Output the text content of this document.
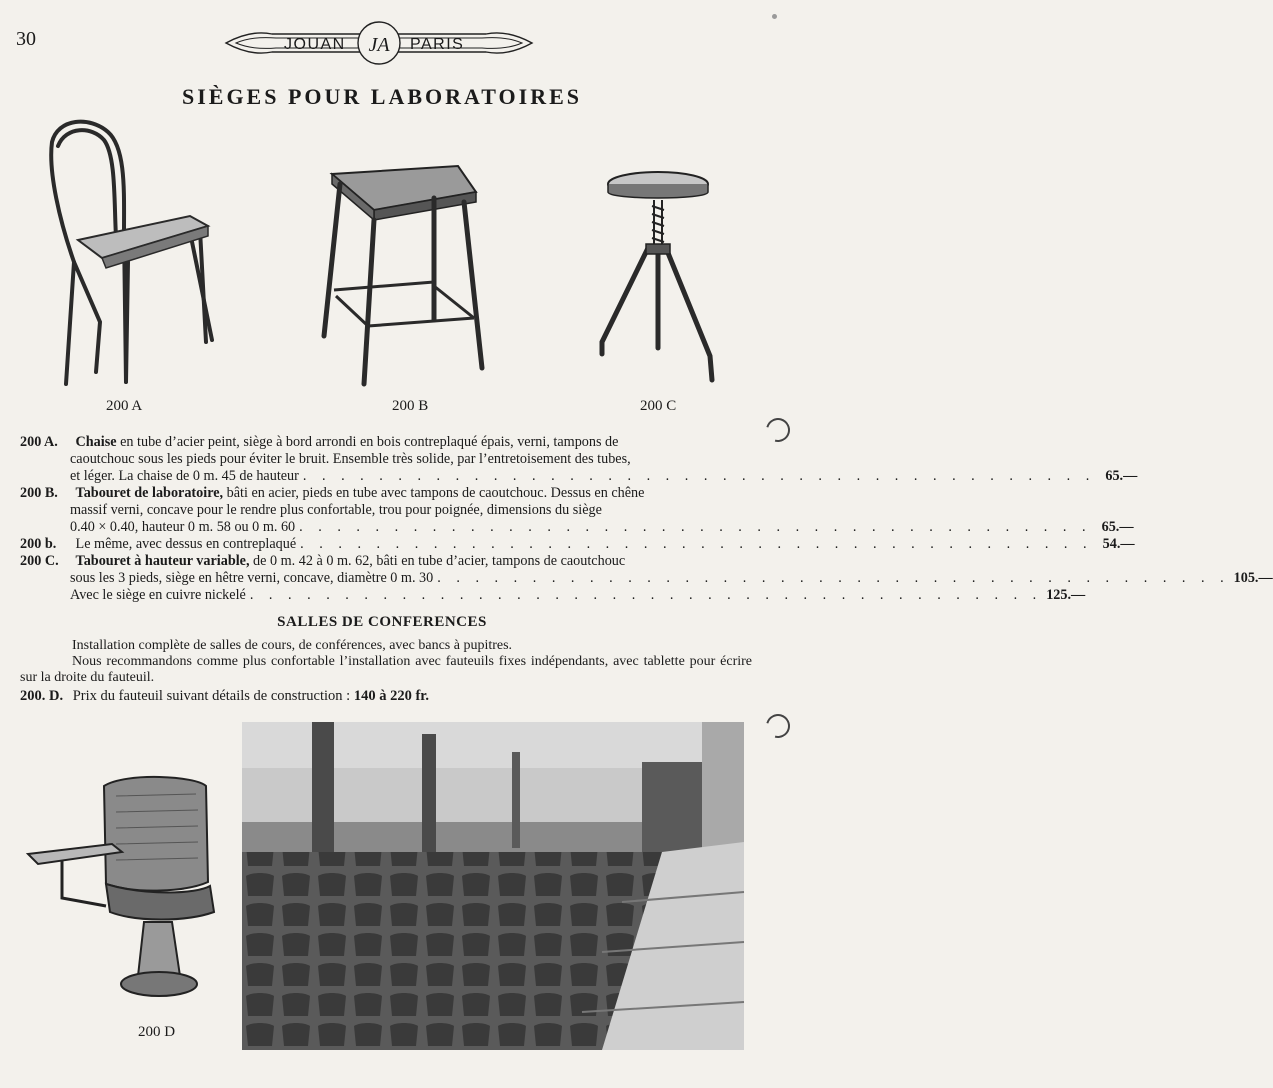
30	JOUAN JA PARIS
SIÈGES POUR LABORATOIRES
200 A	200 B	200 C
200 A. Chaise en tube d’acier peint, siège à bord arrondi en bois contreplaqué épais, verni, tampons de
caoutchouc sous les pieds pour éviter le bruit. Ensemble très solide, par l’entretoisement des tubes,
et léger. La chaise de 0 m. 45 de hauteur . . . . . . . . . . . . . . . . . . . . . . . . . . . . . . . . . . . . . . . . . . 65.—
200 B. Tabouret de laboratoire, bâti en acier, pieds en tube avec tampons de caoutchouc. Dessus en chêne
massif verni, concave pour le rendre plus confortable, trou pour poignée, dimensions du siège
0.40 × 0.40, hauteur 0 m. 58 ou 0 m. 60 . . . . . . . . . . . . . . . . . . . . . . . . . . . . . . . . . . . . . . . . . . 65.—
200 b. Le même, avec dessus en contreplaqué . . . . . . . . . . . . . . . . . . . . . . . . . . . . . . . . . . . . . . . . . . 54.—
200 C. Tabouret à hauteur variable, de 0 m. 42 à 0 m. 62, bâti en tube d’acier, tampons de caoutchouc
sous les 3 pieds, siège en hêtre verni, concave, diamètre 0 m. 30 . . . . . . . . . . . . . . . . . . . . . . . . . . . . . . . . . . . . . . . . . . 105.—
Avec le siège en cuivre nickelé . . . . . . . . . . . . . . . . . . . . . . . . . . . . . . . . . . . . . . . . . . 125.—
SALLES DE CONFERENCES

Installation complète de salles de cours, de conférences, avec bancs à pupitres.

Nous recommandons comme plus confortable l’installation avec fauteuils fixes indépendants, avec tablette pour écrire sur la droite du fauteuil.

200. D. Prix du fauteuil suivant détails de construction : 140 à 220 fr.
200 D
